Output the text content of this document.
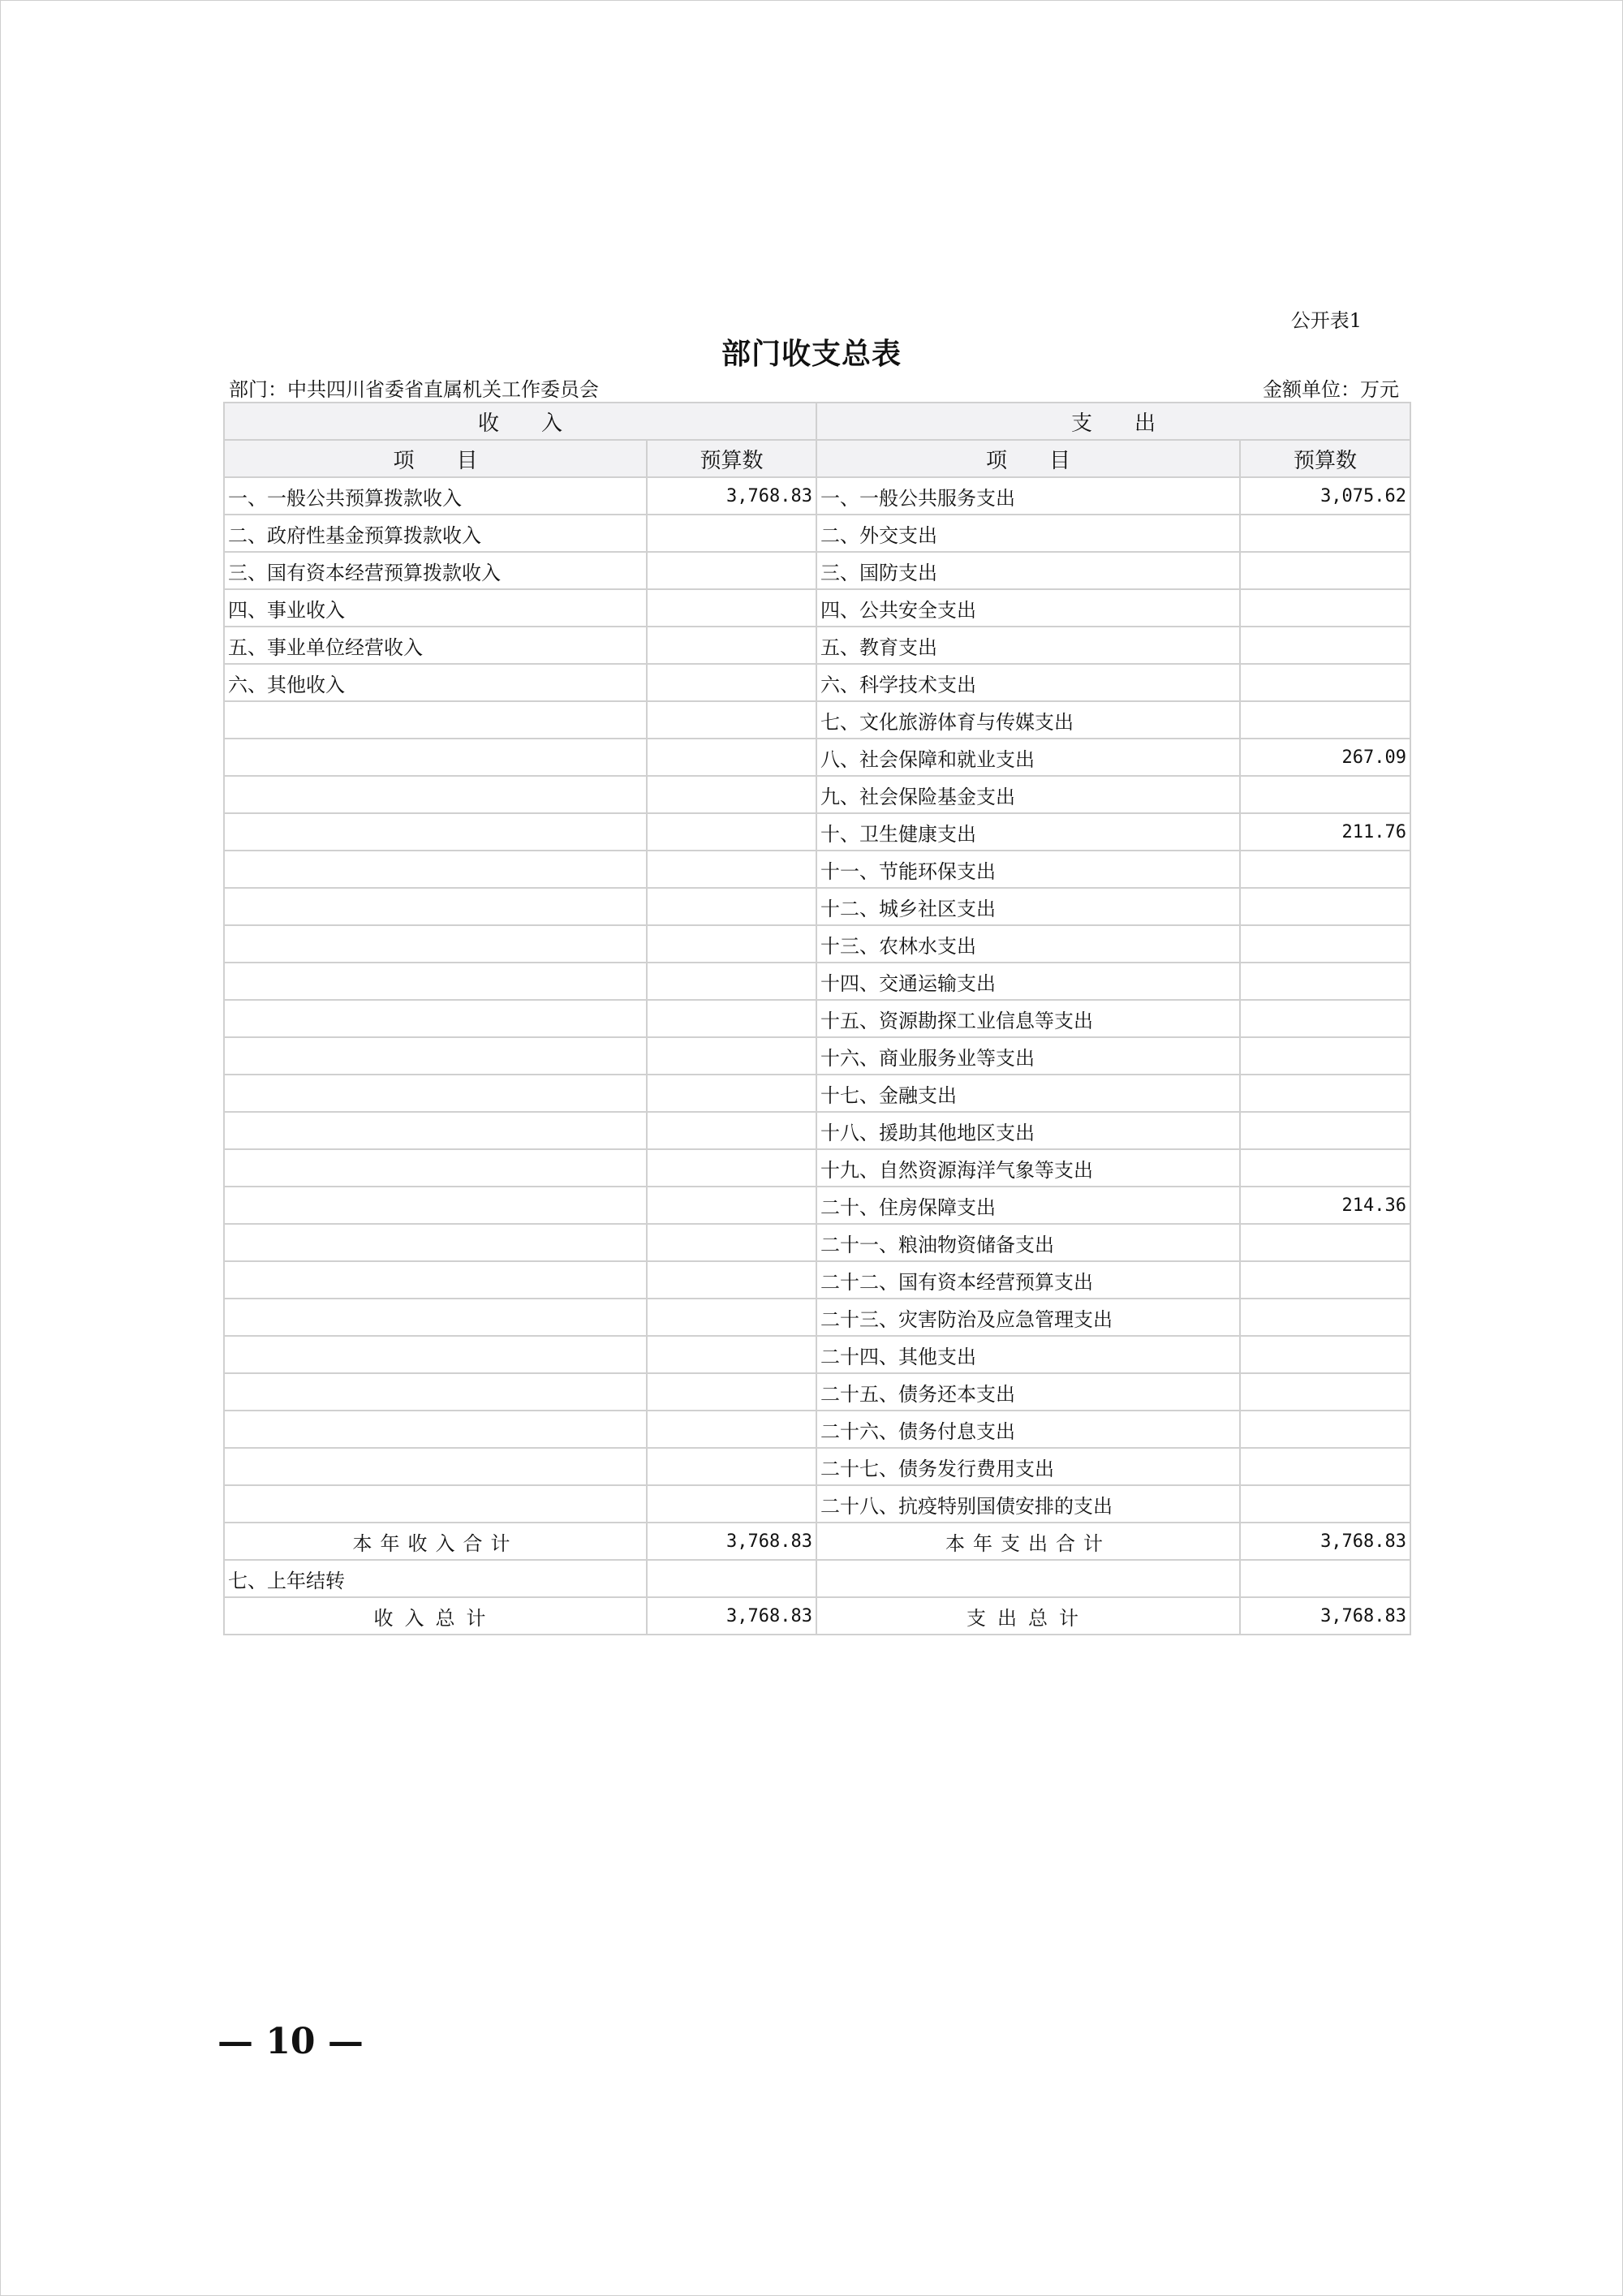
公开表1
部门收支总表
部门：中共四川省委省直属机关工作委员会	金额单位：万元
收　　入		支　　出	
项　　目	预算数	项　　目	预算数
一、一般公共预算拨款收入	3,768.83	一、一般公共服务支出	3,075.62
二、政府性基金预算拨款收入		二、外交支出	
三、国有资本经营预算拨款收入		三、国防支出	
四、事业收入		四、公共安全支出	
五、事业单位经营收入		五、教育支出	
六、其他收入		六、科学技术支出	
		七、文化旅游体育与传媒支出	
		八、社会保障和就业支出	267.09
		九、社会保险基金支出	
		十、卫生健康支出	211.76
		十一、节能环保支出	
		十二、城乡社区支出	
		十三、农林水支出	
		十四、交通运输支出	
		十五、资源勘探工业信息等支出	
		十六、商业服务业等支出	
		十七、金融支出	
		十八、援助其他地区支出	
		十九、自然资源海洋气象等支出	
		二十、住房保障支出	214.36
		二十一、粮油物资储备支出	
		二十二、国有资本经营预算支出	
		二十三、灾害防治及应急管理支出	
		二十四、其他支出	
		二十五、债务还本支出	
		二十六、债务付息支出	
		二十七、债务发行费用支出	
		二十八、抗疫特别国债安排的支出	
本年收入合计	3,768.83	本年支出合计	3,768.83
七、上年结转			
收入总计	3,768.83	支出总计	3,768.83
— 10 —
